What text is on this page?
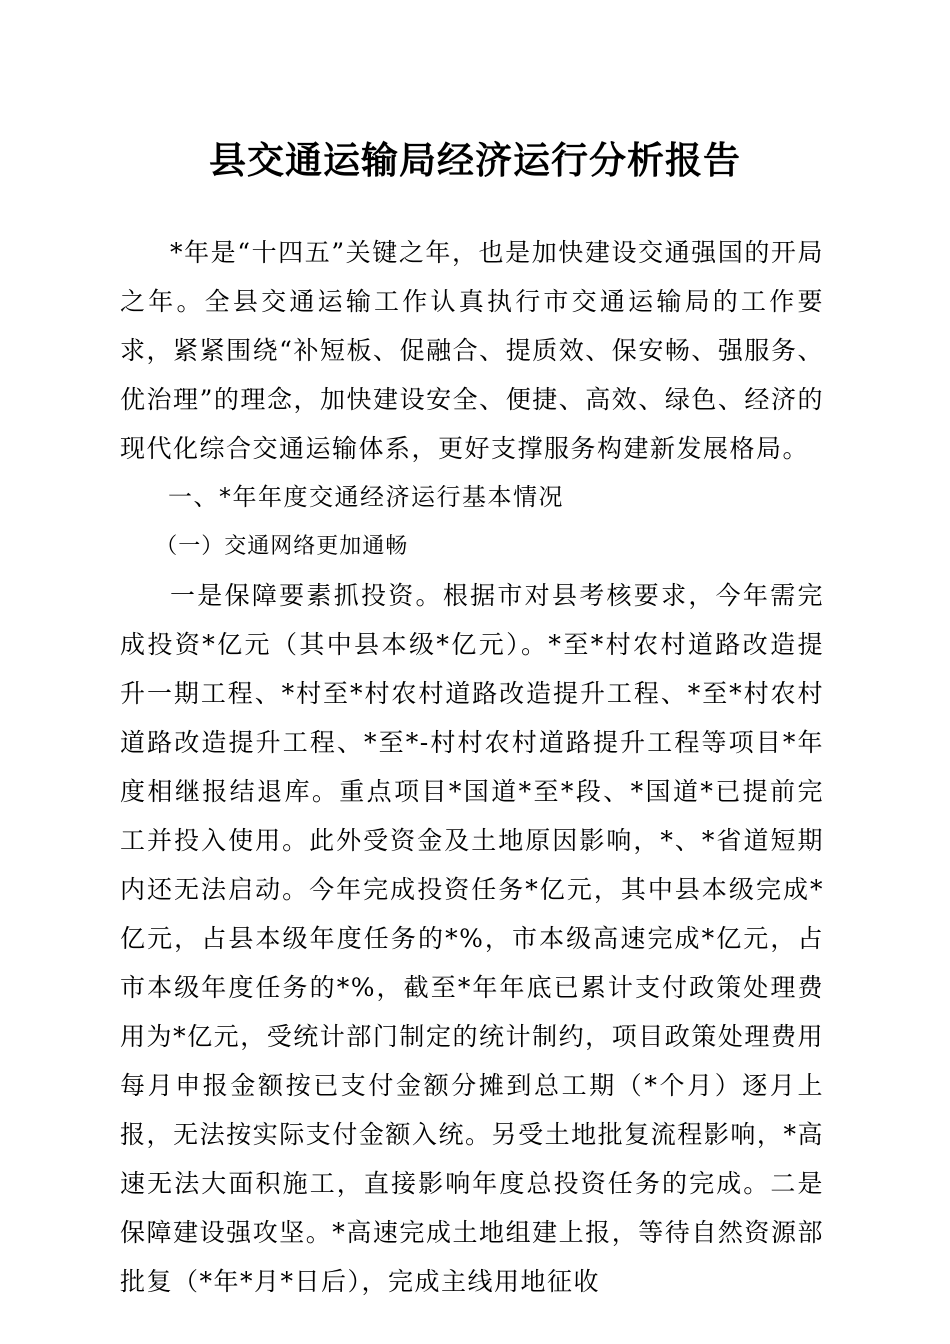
县交通运输局经济运行分析报告

*年是“十四五”关键之年，也是加快建设交通强国的开局之年。全县交通运输工作认真执行市交通运输局的工作要求，紧紧围绕“补短板、促融合、提质效、保安畅、强服务、优治理”的理念，加快建设安全、便捷、高效、绿色、经济的现代化综合交通运输体系，更好支撑服务构建新发展格局。

一、*年年度交通经济运行基本情况
（一）交通网络更加通畅

一是保障要素抓投资。根据市对县考核要求，今年需完成投资*亿元（其中县本级*亿元）。*至*村农村道路改造提升一期工程、*村至*村农村道路改造提升工程、*至*村农村道路改造提升工程、*至*-村村农村道路提升工程等项目*年度相继报结退库。重点项目*国道*至*段、*国道*已提前完工并投入使用。此外受资金及土地原因影响，*、*省道短期内还无法启动。今年完成投资任务*亿元，其中县本级完成*亿元，占县本级年度任务的*%，市本级高速完成*亿元，占市本级年度任务的*%，截至*年年底已累计支付政策处理费用为*亿元，受统计部门制定的统计制约，项目政策处理费用每月申报金额按已支付金额分摊到总工期（*个月）逐月上报，无法按实际支付金额入统。另受土地批复流程影响，*高速无法大面积施工，直接影响年度总投资任务的完成。二是保障建设强攻坚。*高速完成土地组建上报，等待自然资源部批复（*年*月*日后），完成主线用地征收
